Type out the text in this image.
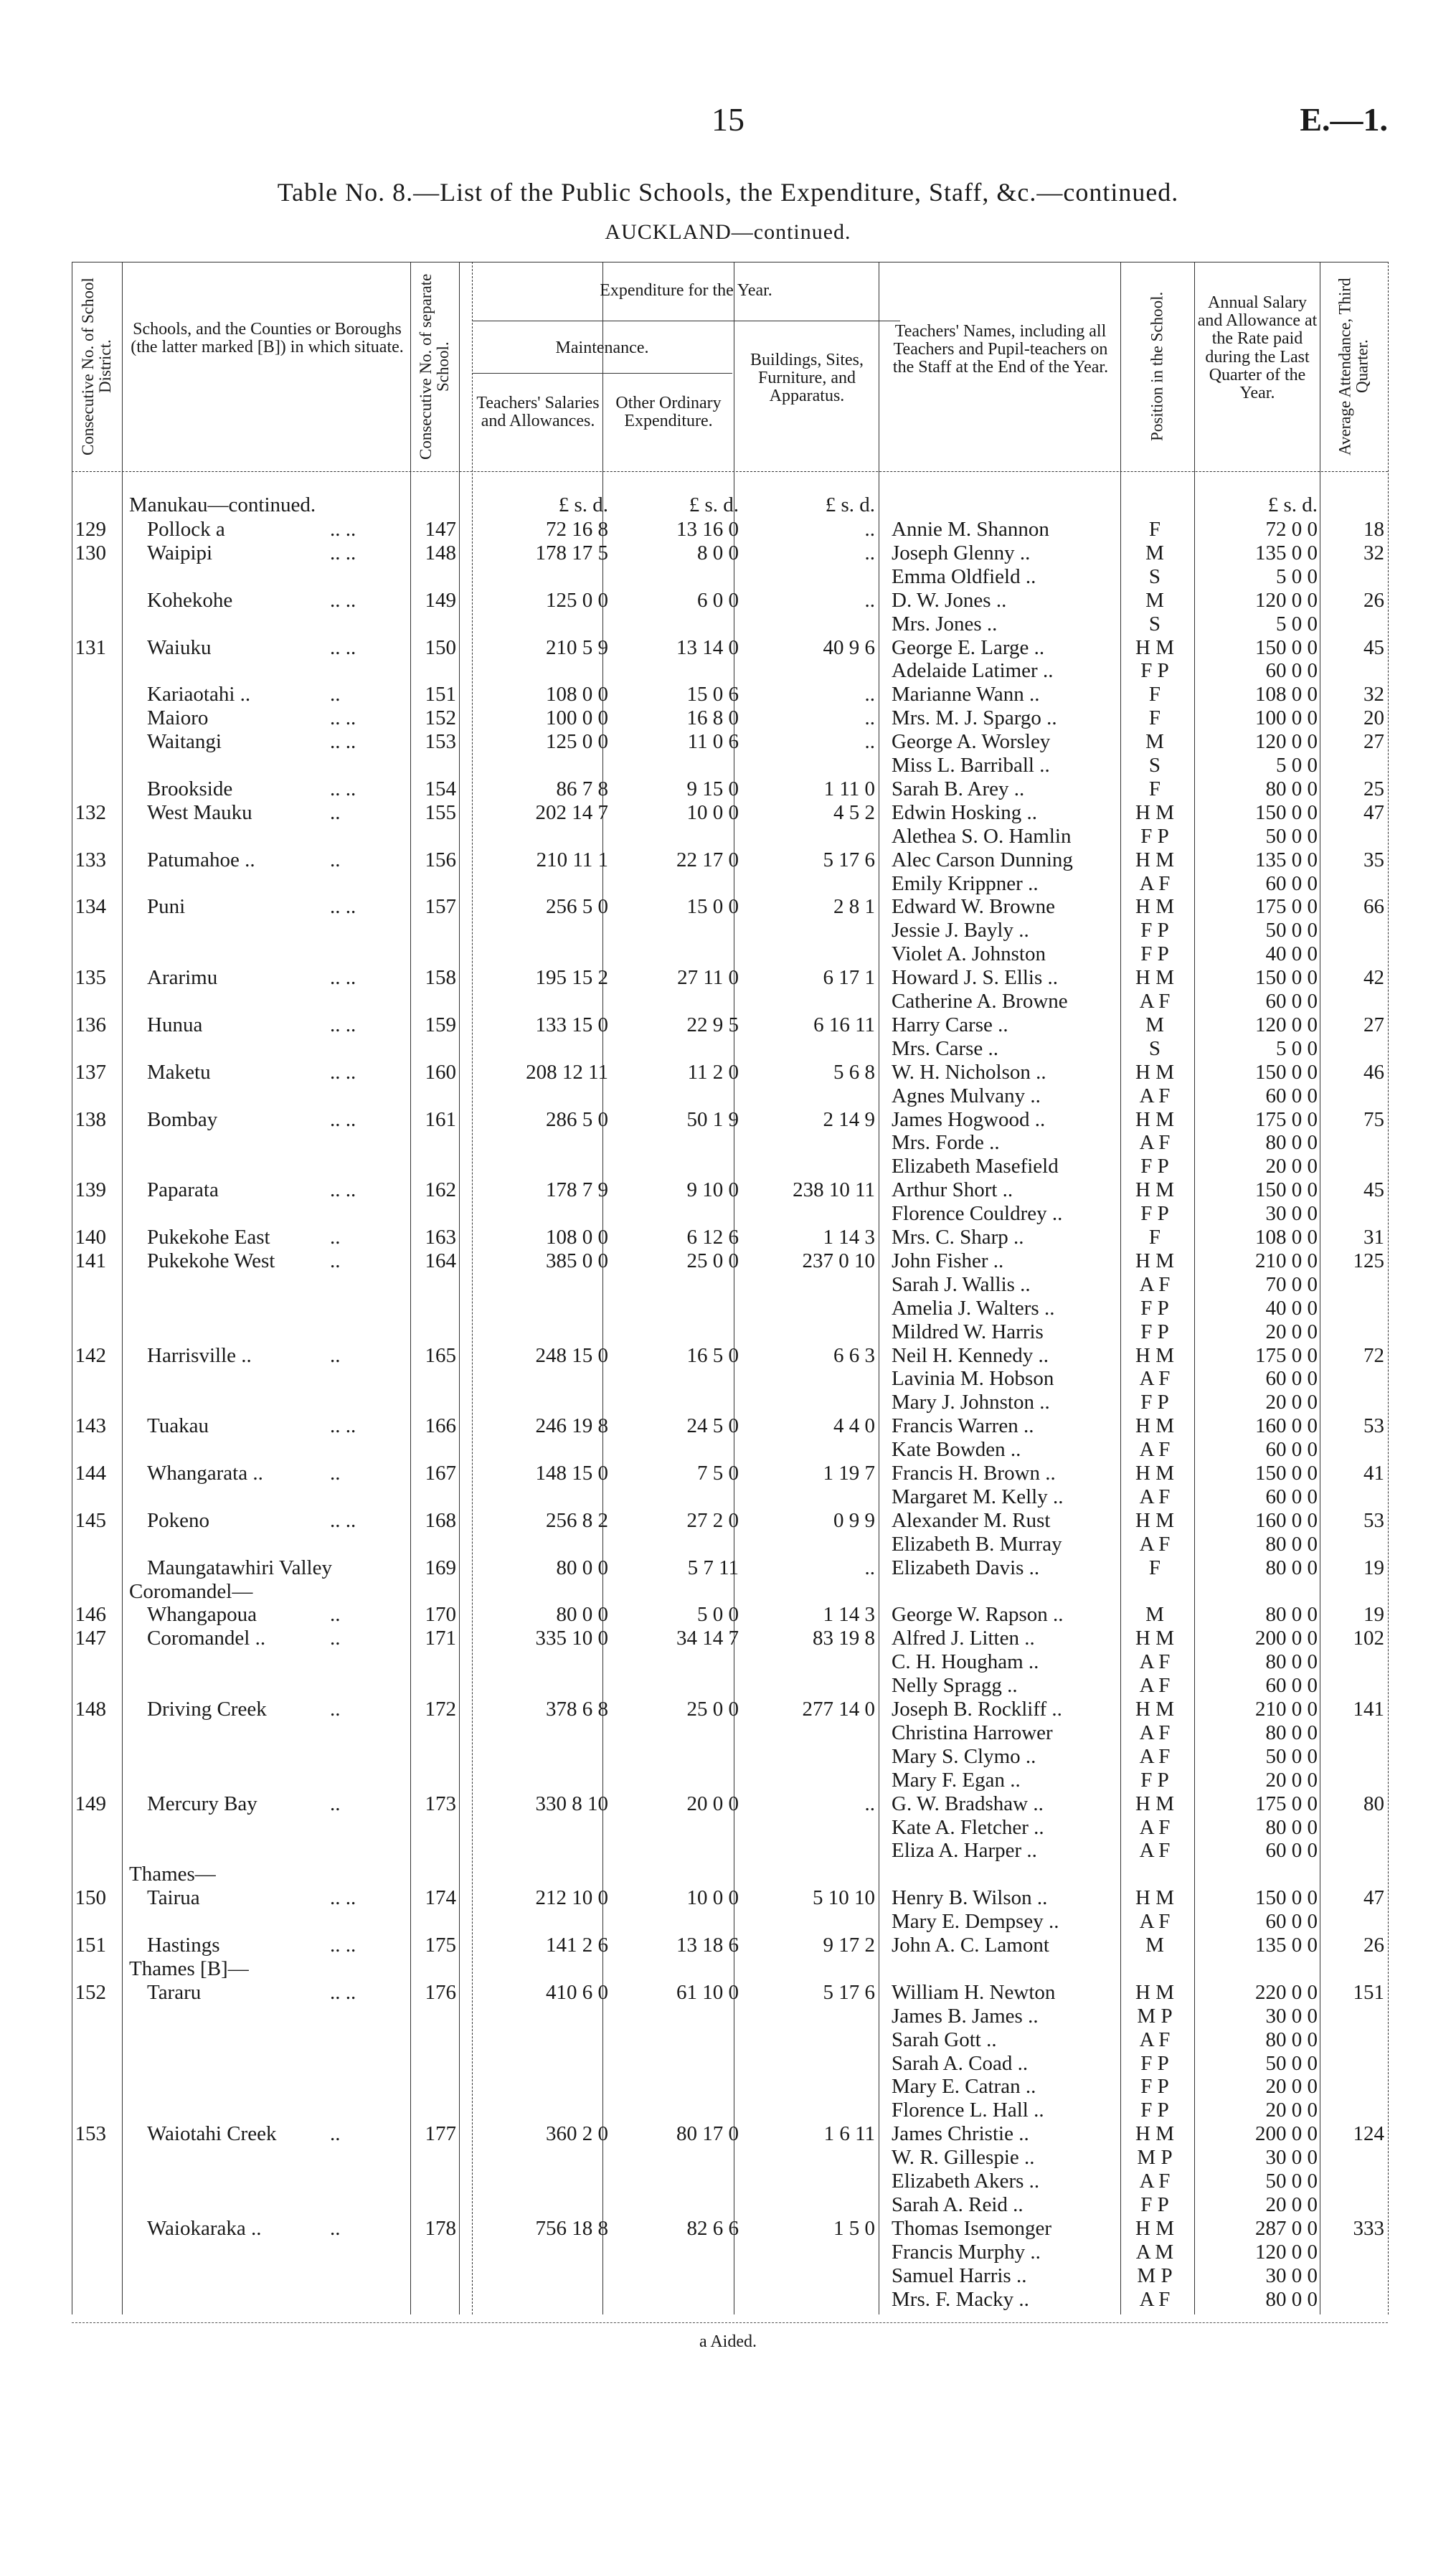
15	E.—1.
Table No. 8.—List of the Public Schools, the Expenditure, Staff, &c.—continued.
AUCKLAND—continued.
Consecutive No. of School District.
Schools, and the Counties or Boroughs (the latter marked [B]) in which situate. Consecutive No. of separate School.
Expenditure for the Year.
Maintenance.
Teachers' Salaries and Allowances.
Other Ordinary Expenditure.
Buildings, Sites, Furniture, and Apparatus.
Teachers' Names, including all Teachers and Pupil-teachers on the Staff at the End of the Year.	Position in the School.	Annual Salary and Allowance at the Rate paid during the Last Quarter of the Year.	Average Attendance, Third Quarter.
Manukau—continued.	£ s. d.	£ s. d.	£ s. d.	£ s. d.
129 Pollock a	.. ..	147	72 16 8	13 16 0	.. Annie M. Shannon	F	72 0 0	18
130 Waipipi	.. ..	148	178 17 5	8 0 0	.. Joseph Glenny ..	M	135 0 0	32
Emma Oldfield ..	S	5 0 0
Kohekohe	.. ..	149	125 0 0	6 0 0	.. D. W. Jones ..	M	120 0 0	26
Mrs. Jones ..	S	5 0 0
131 Waiuku	.. ..	150	210 5 9	13 14 0	40 9 6 George E. Large ..	H M	150 0 0	45
Adelaide Latimer ..	F P	60 0 0
Kariaotahi ..	..	151	108 0 0	15 0 6	.. Marianne Wann ..	F	108 0 0	32
Maioro	.. ..	152	100 0 0	16 8 0	.. Mrs. M. J. Spargo ..	F	100 0 0	20
Waitangi	.. ..	153	125 0 0	11 0 6	.. George A. Worsley	M	120 0 0	27
Miss L. Barriball ..	S	5 0 0
Brookside	.. ..	154	86 7 8	9 15 0	1 11 0 Sarah B. Arey ..	F	80 0 0	25
132 West Mauku	..	155	202 14 7	10 0 0	4 5 2 Edwin Hosking ..	H M	150 0 0	47
Alethea S. O. Hamlin	F P	50 0 0
133 Patumahoe ..	..	156	210 11 1	22 17 0	5 17 6 Alec Carson Dunning	H M	135 0 0	35
Emily Krippner ..	A F	60 0 0
134 Puni	.. ..	157	256 5 0	15 0 0	2 8 1 Edward W. Browne	H M	175 0 0	66
Jessie J. Bayly ..	F P	50 0 0
Violet A. Johnston	F P	40 0 0
135 Ararimu	.. ..	158	195 15 2	27 11 0	6 17 1 Howard J. S. Ellis ..	H M	150 0 0	42
Catherine A. Browne	A F	60 0 0
136 Hunua	.. ..	159	133 15 0	22 9 5	6 16 11 Harry Carse ..	M	120 0 0	27
Mrs. Carse ..	S	5 0 0
137 Maketu	.. ..	160	208 12 11	11 2 0	5 6 8 W. H. Nicholson ..	H M	150 0 0	46
Agnes Mulvany ..	A F	60 0 0
138 Bombay	.. ..	161	286 5 0	50 1 9	2 14 9 James Hogwood ..	H M	175 0 0	75
Mrs. Forde ..	A F	80 0 0
Elizabeth Masefield	F P	20 0 0
139 Paparata	.. ..	162	178 7 9	9 10 0	238 10 11 Arthur Short ..	H M	150 0 0	45
Florence Couldrey ..	F P	30 0 0
140 Pukekohe East	..	163	108 0 0	6 12 6	1 14 3 Mrs. C. Sharp ..	F	108 0 0	31
141 Pukekohe West	..	164	385 0 0	25 0 0	237 0 10 John Fisher ..	H M	210 0 0	125
Sarah J. Wallis ..	A F	70 0 0
Amelia J. Walters ..	F P	40 0 0
Mildred W. Harris	F P	20 0 0
142 Harrisville ..	..	165	248 15 0	16 5 0	6 6 3 Neil H. Kennedy ..	H M	175 0 0	72
Lavinia M. Hobson	A F	60 0 0
Mary J. Johnston ..	F P	20 0 0
143 Tuakau	.. ..	166	246 19 8	24 5 0	4 4 0 Francis Warren ..	H M	160 0 0	53
Kate Bowden ..	A F	60 0 0
144 Whangarata ..	..	167	148 15 0	7 5 0	1 19 7 Francis H. Brown ..	H M	150 0 0	41
Margaret M. Kelly ..	A F	60 0 0
145 Pokeno	.. ..	168	256 8 2	27 2 0	0 9 9 Alexander M. Rust	H M	160 0 0	53
Elizabeth B. Murray	A F	80 0 0
Maungatawhiri Valley	169	80 0 0	5 7 11	.. Elizabeth Davis ..	F	80 0 0	19
Coromandel—
146 Whangapoua	..	170	80 0 0	5 0 0	1 14 3 George W. Rapson ..	M	80 0 0	19
147 Coromandel ..	..	171	335 10 0	34 14 7	83 19 8 Alfred J. Litten ..	H M	200 0 0	102
C. H. Hougham ..	A F	80 0 0
Nelly Spragg ..	A F	60 0 0
148 Driving Creek	..	172	378 6 8	25 0 0	277 14 0 Joseph B. Rockliff ..	H M	210 0 0	141
Christina Harrower	A F	80 0 0
Mary S. Clymo ..	A F	50 0 0
Mary F. Egan ..	F P	20 0 0
149 Mercury Bay	..	173	330 8 10	20 0 0	.. G. W. Bradshaw ..	H M	175 0 0	80
Kate A. Fletcher ..	A F	80 0 0
Eliza A. Harper ..	A F	60 0 0
Thames—
150 Tairua	.. ..	174	212 10 0	10 0 0	5 10 10 Henry B. Wilson ..	H M	150 0 0	47
Mary E. Dempsey ..	A F	60 0 0
151 Hastings	.. ..	175	141 2 6	13 18 6	9 17 2 John A. C. Lamont	M	135 0 0	26
Thames [B]—
152 Tararu	.. ..	176	410 6 0	61 10 0	5 17 6 William H. Newton	H M	220 0 0	151
James B. James ..	M P	30 0 0
Sarah Gott ..	A F	80 0 0
Sarah A. Coad ..	F P	50 0 0
Mary E. Catran ..	F P	20 0 0
Florence L. Hall ..	F P	20 0 0
153 Waiotahi Creek	..	177	360 2 0	80 17 0	1 6 11 James Christie ..	H M	200 0 0	124
W. R. Gillespie ..	M P	30 0 0
Elizabeth Akers ..	A F	50 0 0
Sarah A. Reid ..	F P	20 0 0
Waiokaraka ..	..	178	756 18 8	82 6 6	1 5 0 Thomas Isemonger	H M	287 0 0	333
Francis Murphy ..	A M	120 0 0
Samuel Harris ..	M P	30 0 0
Mrs. F. Macky ..	A F	80 0 0
a Aided.
